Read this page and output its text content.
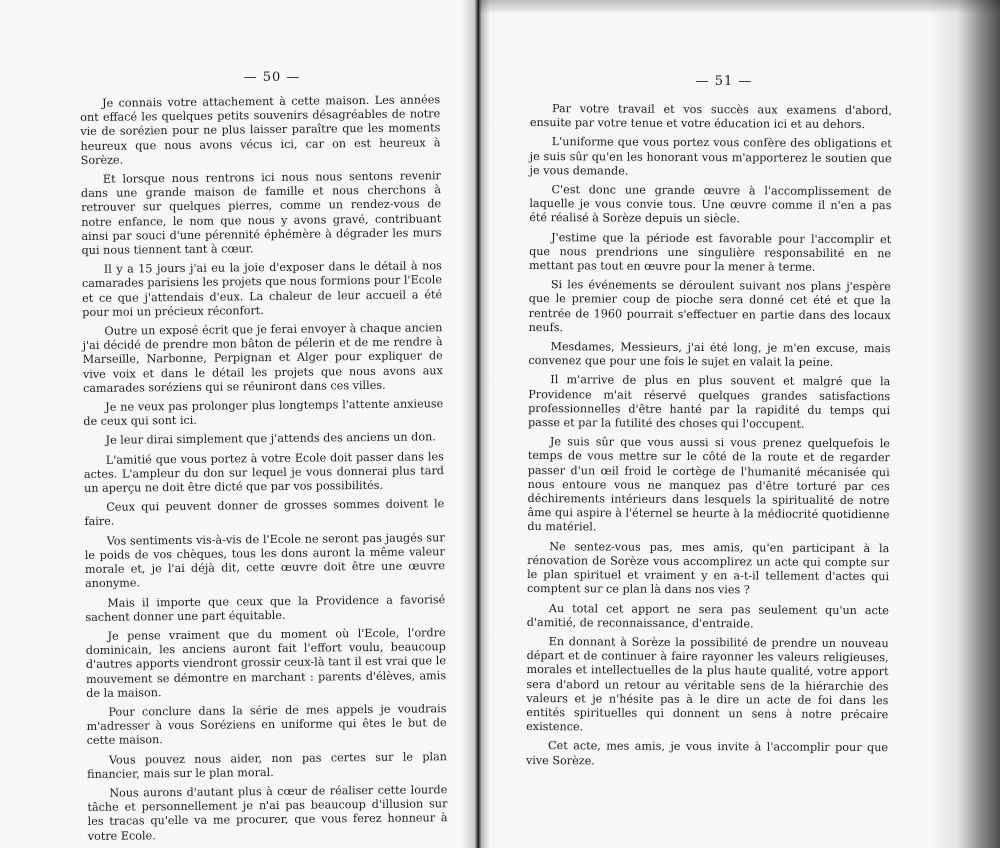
— 50 —

Je connais votre attachement à cette maison. Les années ont effacé les quelques petits souvenirs désagréables de notre vie de sorézien pour ne plus laisser paraître que les moments heureux que nous avons vécus ici, car on est heureux à Sorèze.

Et lorsque nous rentrons ici nous nous sentons revenir dans une grande maison de famille et nous cherchons à retrouver sur quelques pierres, comme un rendez-vous de notre enfance, le nom que nous y avons gravé, contribuant ainsi par souci d'une pérennité éphémère à dégrader les murs qui nous tiennent tant à cœur.

Il y a 15 jours j'ai eu la joie d'exposer dans le détail à nos camarades parisiens les projets que nous formions pour l'Ecole et ce que j'attendais d'eux. La chaleur de leur accueil a été pour moi un précieux réconfort.

Outre un exposé écrit que je ferai envoyer à chaque ancien j'ai décidé de prendre mon bâton de pélerin et de me rendre à Marseille, Narbonne, Perpignan et Alger pour expliquer de vive voix et dans le détail les projets que nous avons aux camarades soréziens qui se réuniront dans ces villes.

Je ne veux pas prolonger plus longtemps l'attente anxieuse de ceux qui sont ici.

Je leur dirai simplement que j'attends des anciens un don.

L'amitié que vous portez à votre Ecole doit passer dans les actes. L'ampleur du don sur lequel je vous donnerai plus tard un aperçu ne doit être dicté que par vos possibilités.

Ceux qui peuvent donner de grosses sommes doivent le faire.

Vos sentiments vis-à-vis de l'Ecole ne seront pas jaugés sur le poids de vos chèques, tous les dons auront la même valeur morale et, je l'ai déjà dit, cette œuvre doit être une œuvre anonyme.

Mais il importe que ceux que la Providence a favorisé sachent donner une part équitable.

Je pense vraiment que du moment où l'Ecole, l'ordre dominicain, les anciens auront fait l'effort voulu, beaucoup d'autres apports viendront grossir ceux-là tant il est vrai que le mouvement se démontre en marchant : parents d'élèves, amis de la maison.

Pour conclure dans la série de mes appels je voudrais m'adresser à vous Soréziens en uniforme qui êtes le but de cette maison.

Vous pouvez nous aider, non pas certes sur le plan financier, mais sur le plan moral.

Nous aurons d'autant plus à cœur de réaliser cette lourde tâche et personnellement je n'ai pas beaucoup d'illusion sur les tracas qu'elle va me procurer, que vous ferez honneur à votre Ecole.

— 51 —

Par votre travail et vos succès aux examens d'abord, ensuite par votre tenue et votre éducation ici et au dehors.

L'uniforme que vous portez vous confère des obligations et je suis sûr qu'en les honorant vous m'apporterez le soutien que je vous demande.

C'est donc une grande œuvre à l'accomplissement de laquelle je vous convie tous. Une œuvre comme il n'en a pas été réalisé à Sorèze depuis un siècle.

J'estime que la période est favorable pour l'accomplir et que nous prendrions une singulière responsabilité en ne mettant pas tout en œuvre pour la mener à terme.

Si les événements se déroulent suivant nos plans j'espère que le premier coup de pioche sera donné cet été et que la rentrée de 1960 pourrait s'effectuer en partie dans des locaux neufs.

Mesdames, Messieurs, j'ai été long, je m'en excuse, mais convenez que pour une fois le sujet en valait la peine.

Il m'arrive de plus en plus souvent et malgré que la Providence m'ait réservé quelques grandes satisfactions professionnelles d'être hanté par la rapidité du temps qui passe et par la futilité des choses qui l'occupent.

Je suis sûr que vous aussi si vous prenez quelquefois le temps de vous mettre sur le côté de la route et de regarder passer d'un œil froid le cortège de l'humanité mécanisée qui nous entoure vous ne manquez pas d'être torturé par ces déchirements intérieurs dans lesquels la spiritualité de notre âme qui aspire à l'éternel se heurte à la médiocrité quotidienne du matériel.

Ne sentez-vous pas, mes amis, qu'en participant à la rénovation de Sorèze vous accomplirez un acte qui compte sur le plan spirituel et vraiment y en a-t-il tellement d'actes qui comptent sur ce plan là dans nos vies ?

Au total cet apport ne sera pas seulement qu'un acte d'amitié, de reconnaissance, d'entraide.

En donnant à Sorèze la possibilité de prendre un nouveau départ et de continuer à faire rayonner les valeurs religieuses, morales et intellectuelles de la plus haute qualité, votre apport sera d'abord un retour au véritable sens de la hiérarchie des valeurs et je n'hésite pas à le dire un acte de foi dans les entités spirituelles qui donnent un sens à notre précaire existence.

Cet acte, mes amis, je vous invite à l'accomplir pour que vive Sorèze.
